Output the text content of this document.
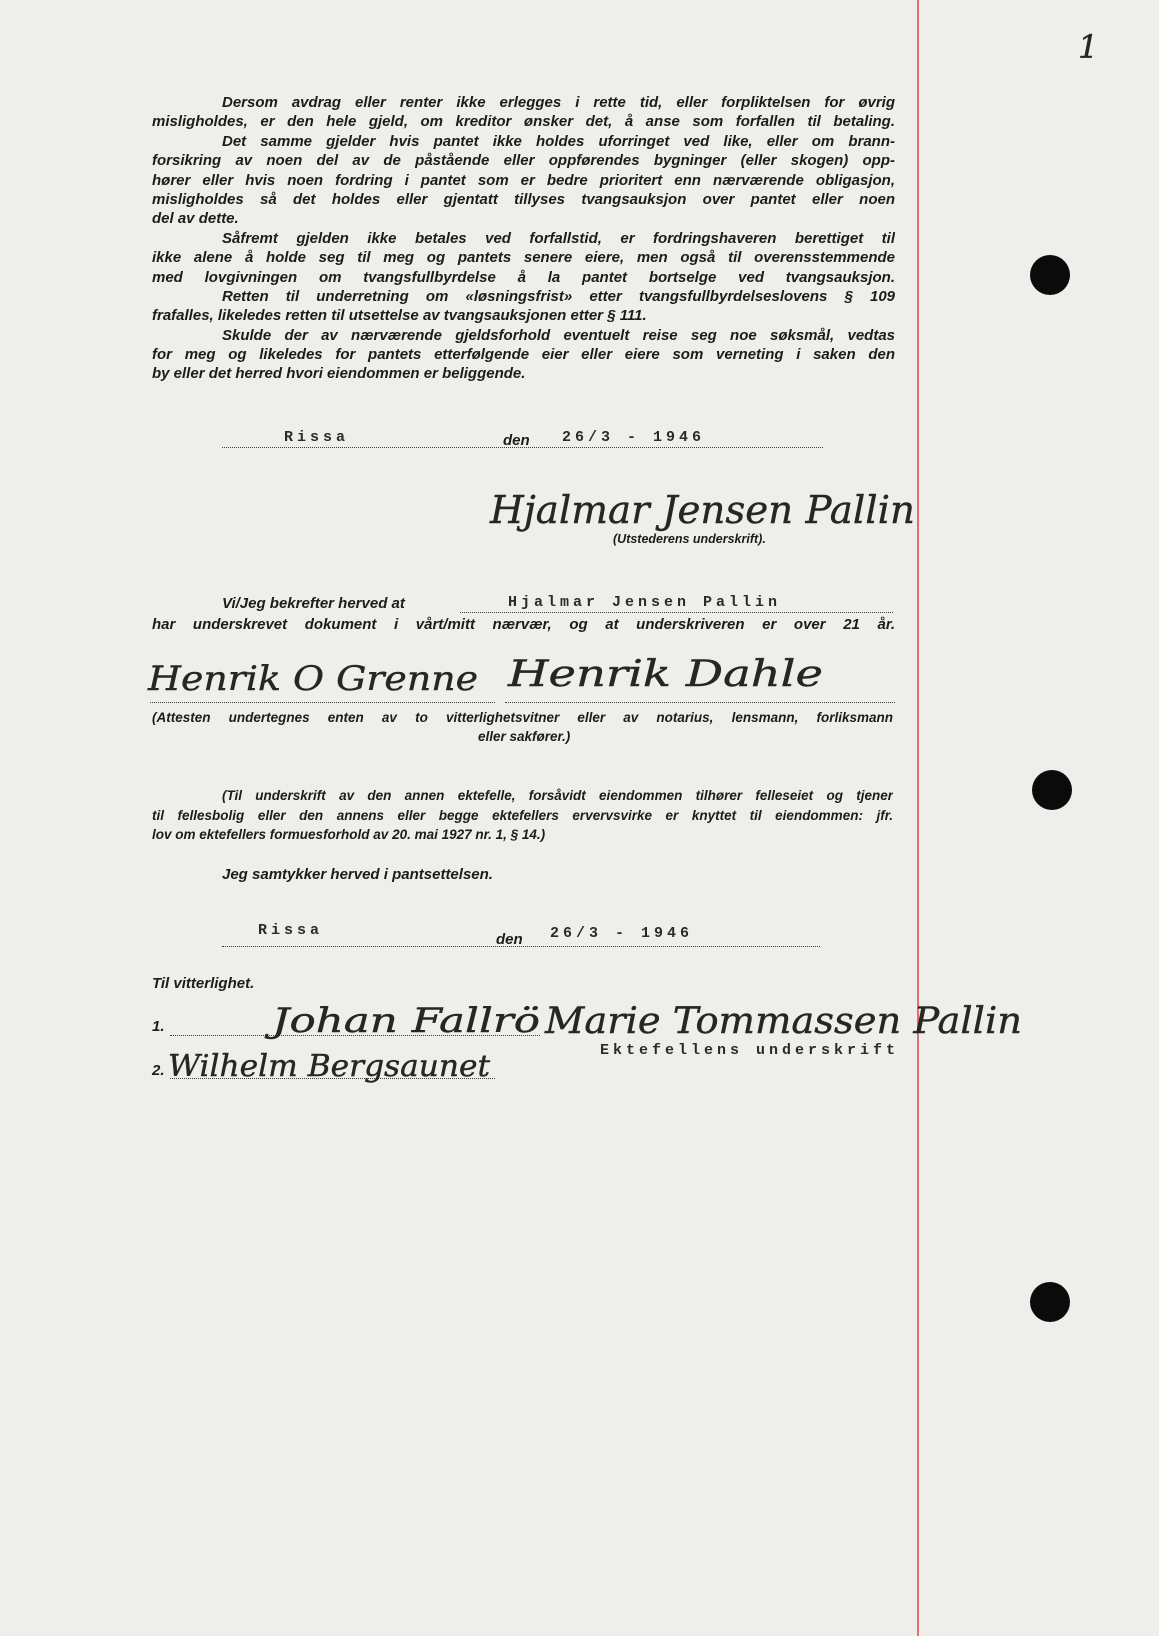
Dersom avdrag eller renter ikke erlegges i rette tid, eller forpliktelsen for øvrig
misligholdes, er den hele gjeld, om kreditor ønsker det, å anse som forfallen til betaling.
Det samme gjelder hvis pantet ikke holdes uforringet ved like, eller om brann-
forsikring av noen del av de påstående eller oppførendes bygninger (eller skogen) opp-
hører eller hvis noen fordring i pantet som er bedre prioritert enn nærværende obligasjon,
misligholdes så det holdes eller gjentatt tillyses tvangsauksjon over pantet eller noen
del av dette.
Såfremt gjelden ikke betales ved forfallstid, er fordringshaveren berettiget til
ikke alene å holde seg til meg og pantets senere eiere, men også til overensstemmende
med lovgivningen om tvangsfullbyrdelse å la pantet bortselge ved tvangsauksjon.
Retten til underretning om «løsningsfrist» etter tvangsfullbyrdelseslovens § 109
frafalles, likeledes retten til utsettelse av tvangsauksjonen etter § 111.
Skulde der av nærværende gjeldsforhold eventuelt reise seg noe søksmål, vedtas
for meg og likeledes for pantets etterfølgende eier eller eiere som verneting i saken den
by eller det herred hvori eiendommen er beliggende.
Rissa	den 26/3 - 1946
(Utstederens underskrift).
Vi/Jeg bekrefter herved at	Hjalmar Jensen Pallin
har underskrevet dokument i vårt/mitt nærvær, og at underskriveren er over 21 år.
(Attesten undertegnes enten av to vitterlighetsvitner eller av notarius, lensmann, forliksmann
eller sakfører.)
(Til underskrift av den annen ektefelle, forsåvidt eiendommen tilhører felleseiet og tjener
til fellesbolig eller den annens eller begge ektefellers ervervsvirke er knyttet til eiendommen: jfr.
lov om ektefellers formuesforhold av 20. mai 1927 nr. 1, § 14.)
Jeg samtykker herved i pantsettelsen.
Rissa
den 26/3 - 1946
Til vitterlighet.
1.
2.
Ektefellens underskrift
1
Hjalmar Jensen Pallin
Henrik O Grenne Henrik Dahle
Johan Fallrö Marie Tommassen Pallin
Wilhelm Bergsaunet
